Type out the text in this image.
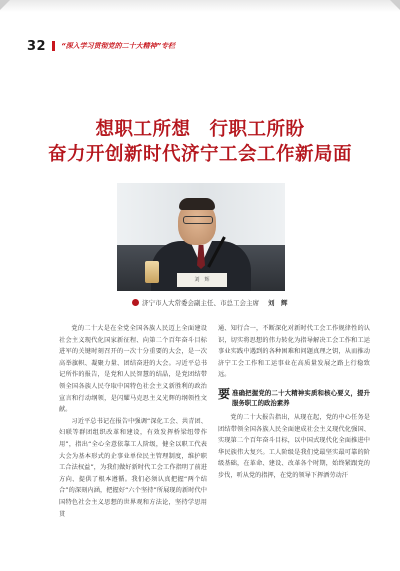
32 “深入学习贯彻党的二十大精神”专栏
想职工所想　行职工所盼
奋力开创新时代济宁工会工作新局面
刘　辉
济宁市人大常委会副主任、市总工会主席 刘　辉

党的二十大是在全党全国各族人民迈上全面建设社会主义现代化国家新征程、向第二个百年奋斗目标进军的关键时刻召开的一次十分重要的大会，是一次高举旗帜、凝聚力量、团结奋进的大会。习近平总书记所作的报告，是党和人民智慧的结晶，是党团结带领全国各族人民夺取中国特色社会主义新胜利的政治宣言和行动纲领，是闪耀马克思主义光辉的纲领性文献。

习近平总书记在报告中强调“深化工会、共青团、妇联等群团组织改革和建设，有效发挥桥梁纽带作用”，指出“全心全意依靠工人阶级，健全以职工代表大会为基本形式的企事业单位民主管理制度，维护职工合法权益”，为我们做好新时代工会工作指明了前进方向、提供了根本遵循。我们必须认真把握“两个结合”的深刻内涵，把握好“六个坚持”所展现的新时代中国特色社会主义思想的世界观和方法论，坚持学思用贯

通、知行合一，不断深化对新时代工会工作规律性的认识，切实将思想的伟力转化为指导解决工会工作和工运事业实践中遇到的各种困难和问题真理之钥，从而推动济宁工会工作和工运事业在高质量发展之路上行稳致远。

要 准确把握党的二十大精神实质和核心要义，提升服务职工的政治素养

党的二十大报告指出，从现在起，党的中心任务是团结带领全国各族人民全面建成社会主义现代化强国、实现第二个百年奋斗目标，以中国式现代化全面推进中华民族伟大复兴。工人阶级是我们党最坚实最可靠的阶级基础，在革命、建设、改革各个时期，始终紧跟党的步伐，听从党的指挥，在党的领导下挥洒劳动汗
